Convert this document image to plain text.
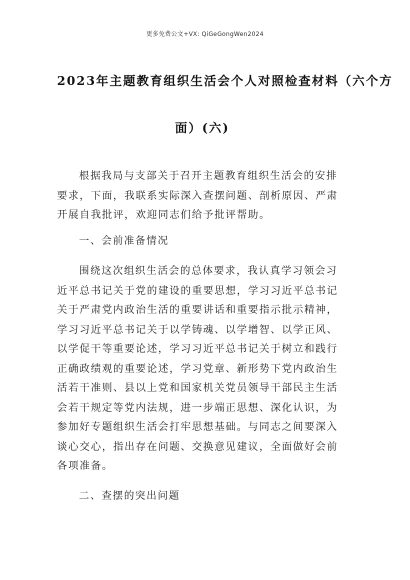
更多免费公文+VX: QiGeGongWen2024
2023年主题教育组织生活会个人对照检查材料（六个方
面）(六)
根据我局与支部关于召开主题教育组织生活会的安排
要求，下面，我联系实际深入查摆问题、剖析原因、严肃
开展自我批评，欢迎同志们给予批评帮助。
一、会前准备情况
围绕这次组织生活会的总体要求，我认真学习领会习
近平总书记关于党的建设的重要思想，学习习近平总书记
关于严肃党内政治生活的重要讲话和重要指示批示精神，
学习习近平总书记关于以学铸魂、以学增智、以学正风、
以学促干等重要论述，学习习近平总书记关于树立和践行
正确政绩观的重要论述，学习党章、新形势下党内政治生
活若干准则、县以上党和国家机关党员领导干部民主生活
会若干规定等党内法规，进一步端正思想、深化认识，为
参加好专题组织生活会打牢思想基础。与同志之间要深入
谈心交心，指出存在问题、交换意见建议，全面做好会前
各项准备。
二、查摆的突出问题
